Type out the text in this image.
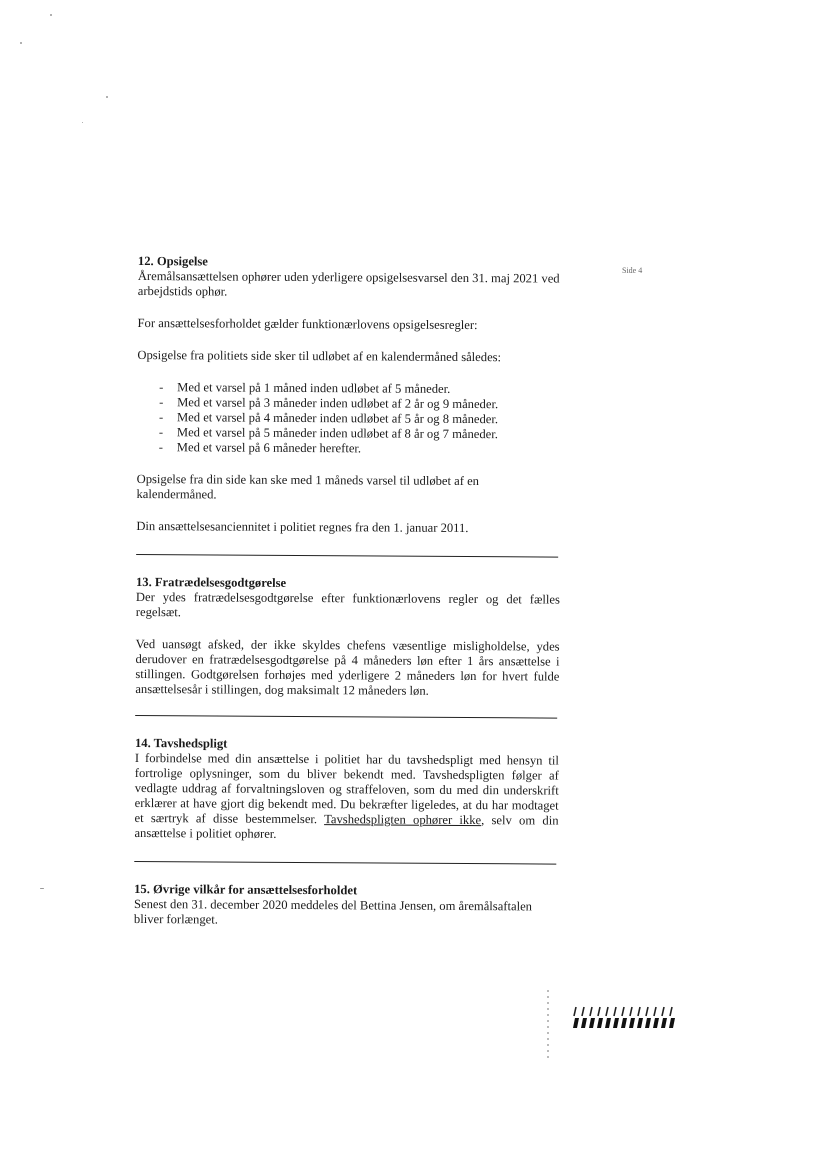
Side 4

12. Opsigelse

Åremålsansættelsen ophører uden yderligere opsigelsesvarsel den 31. maj 2021 ved arbejdstids ophør.

For ansættelsesforholdet gælder funktionærlovens opsigelsesregler:

Opsigelse fra politiets side sker til udløbet af en kalendermåned således:

- Med et varsel på 1 måned inden udløbet af 5 måneder.
- Med et varsel på 3 måneder inden udløbet af 2 år og 9 måneder.
- Med et varsel på 4 måneder inden udløbet af 5 år og 8 måneder.
- Med et varsel på 5 måneder inden udløbet af 8 år og 7 måneder.
- Med et varsel på 6 måneder herefter.

Opsigelse fra din side kan ske med 1 måneds varsel til udløbet af en kalendermåned.

Din ansættelsesanciennitet i politiet regnes fra den 1. januar 2011.

13. Fratrædelsesgodtgørelse

Der ydes fratrædelsesgodtgørelse efter funktionærlovens regler og det fælles regelsæt.

Ved uansøgt afsked, der ikke skyldes chefens væsentlige misligholdelse, ydes derudover en fratrædelsesgodtgørelse på 4 måneders løn efter 1 års ansættelse i stillingen. Godtgørelsen forhøjes med yderligere 2 måneders løn for hvert fulde ansættelsesår i stillingen, dog maksimalt 12 måneders løn.

14. Tavshedspligt

I forbindelse med din ansættelse i politiet har du tavshedspligt med hensyn til fortrolige oplysninger, som du bliver bekendt med. Tavshedspligten følger af vedlagte uddrag af forvaltningsloven og straffeloven, som du med din underskrift erklærer at have gjort dig bekendt med. Du bekræfter ligeledes, at du har modtaget et særtryk af disse bestemmelser. Tavshedspligten ophører ikke, selv om din ansættelse i politiet ophører.

15. Øvrige vilkår for ansættelsesforholdet

Senest den 31. december 2020 meddeles del Bettina Jensen, om åremålsaftalen bliver forlænget.
